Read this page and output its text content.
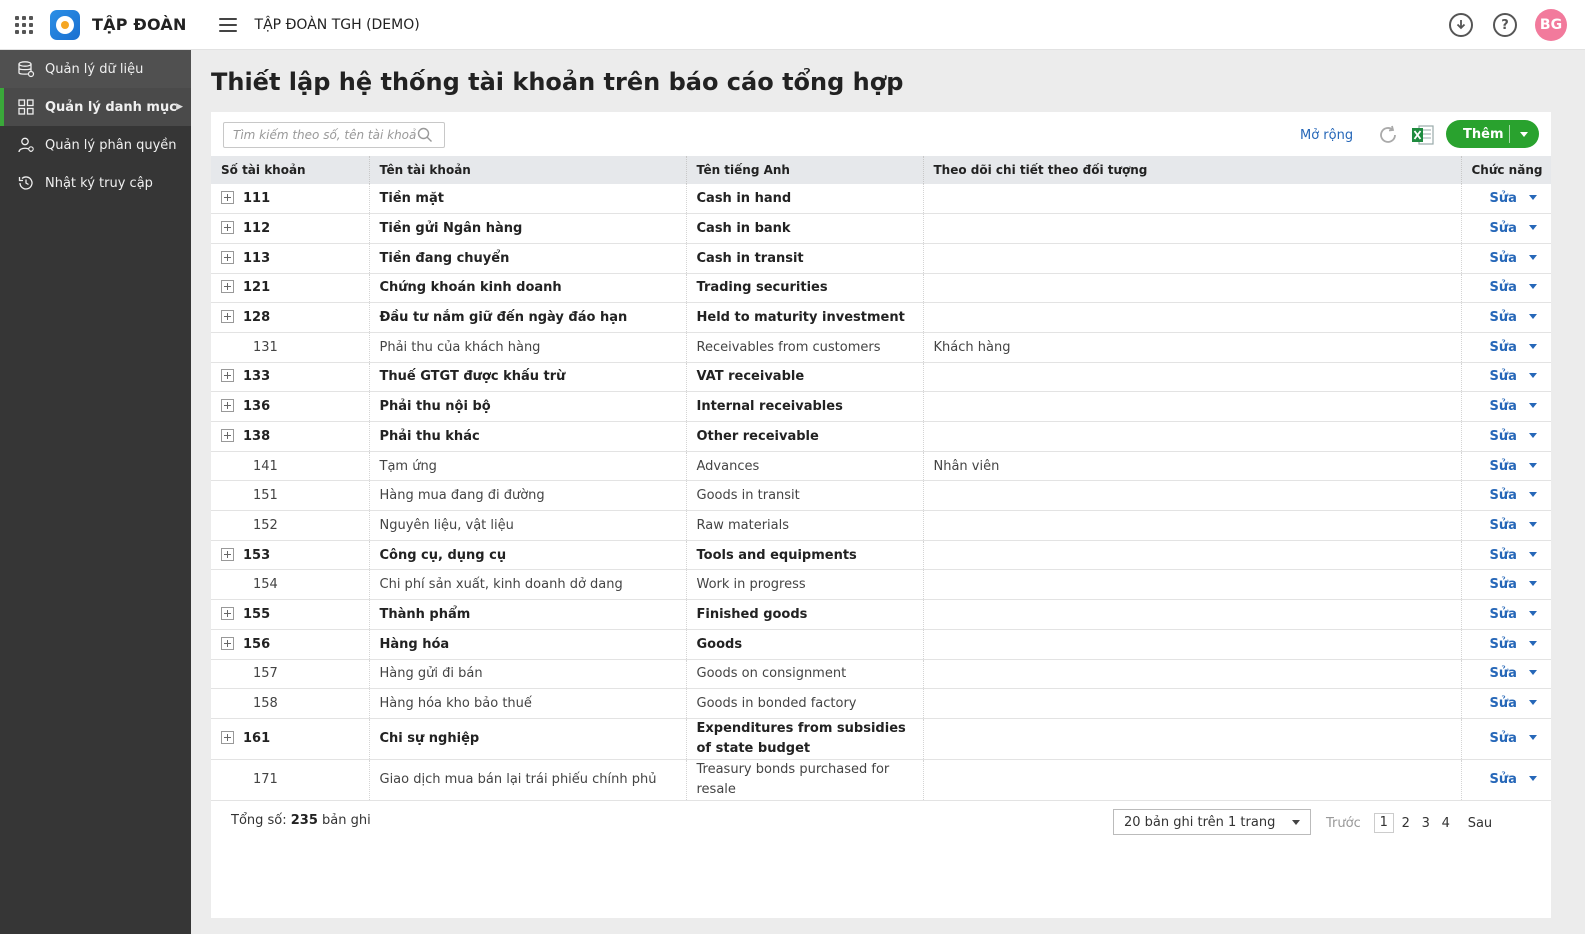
TẬP ĐOÀN	TẬP ĐOÀN TGH (DEMO)	?	BG
Quản lý dữ liệu
Quản lý danh mục ▶
Quản lý phân quyền
Nhật ký truy cập
Thiết lập hệ thống tài khoản trên báo cáo tổng hợp
Tìm kiếm theo số, tên tài khoản
Mở rộng	Thêm
Số tài khoản	Tên tài khoản	Tên tiếng Anh	Theo dõi chi tiết theo đối tượng	Chức năng
111	Tiền mặt	Cash in hand		Sửa
112	Tiền gửi Ngân hàng	Cash in bank		Sửa
113	Tiền đang chuyển	Cash in transit		Sửa
121	Chứng khoán kinh doanh	Trading securities		Sửa
128	Đầu tư nắm giữ đến ngày đáo hạn	Held to maturity investment		Sửa
131	Phải thu của khách hàng	Receivables from customers	Khách hàng	Sửa
133	Thuế GTGT được khấu trừ	VAT receivable		Sửa
136	Phải thu nội bộ	Internal receivables		Sửa
138	Phải thu khác	Other receivable		Sửa
141	Tạm ứng	Advances	Nhân viên	Sửa
151	Hàng mua đang đi đường	Goods in transit		Sửa
152	Nguyên liệu, vật liệu	Raw materials		Sửa
153	Công cụ, dụng cụ	Tools and equipments		Sửa
154	Chi phí sản xuất, kinh doanh dở dang	Work in progress		Sửa
155	Thành phẩm	Finished goods		Sửa
156	Hàng hóa	Goods		Sửa
157	Hàng gửi đi bán	Goods on consignment		Sửa
158	Hàng hóa kho bảo thuế	Goods in bonded factory		Sửa
161	Chi sự nghiệp	Expenditures from subsidies of state budget		Sửa
171	Giao dịch mua bán lại trái phiếu chính phủ	Treasury bonds purchased for resale		Sửa
Tổng số: 235 bản ghi	20 bản ghi trên 1 trang	Trước	1	2 3 4	Sau
